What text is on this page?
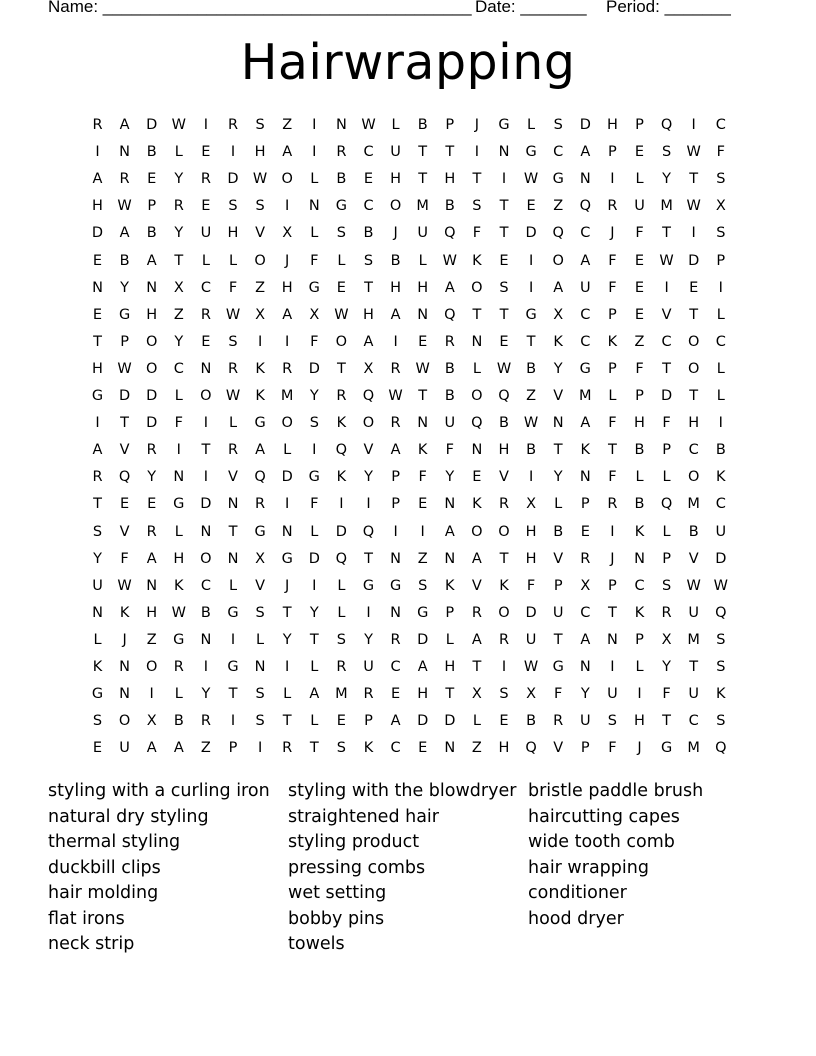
Name: _______________________________________ Date: _______ Period: _______
Hairwrapping
R	A	D W	I	R	S	Z	I	N	W	L	B	P	J	G	L	S	D	H	P	Q	I	C
I	N	B	L	E	I	H	A	I	R	C	U	T	T	I	N	G	C	A	P	E	S	W	F
A	R	E	Y	R	D W O	L	B	E	H	T	H	T	I	W G	N	I	L	Y	T	S
H W	P	R	E	S	S	I	N	G	C	O	M	B	S	T	E	Z	Q	R	U	M W	X
D	A	B	Y	U	H	V	X	L	S	B	J	U	Q	F	T	D	Q	C	J	F	T	I	S
E	B	A	T	L	L	O	J	F	L	S	B	L	W	K	E	I	O	A	F	E	W D	P
N	Y	N	X	C	F	Z	H	G	E	T	H	H	A	O	S	I	A	U	F	E	I	E	I
E	G	H	Z	R	W	X	A	X	W H	A	N	Q	T	T	G	X	C	P	E	V	T	L
T	P	O	Y	E	S	I	I	F	O	A	I	E	R	N	E	T	K	C	K	Z	C	O	C
H W O	C	N	R	K	R	D	T	X	R	W	B	L	W	B	Y	G	P	F	T	O	L
G	D	D	L	O W	K	M	Y	R	Q W	T	B	O	Q	Z	V	M	L	P	D	T	L
I	T	D	F	I	L	G	O	S	K	O	R	N	U	Q	B	W N	A	F	H	F	H	I
A	V	R	I	T	R	A	L	I	Q	V	A	K	F	N	H	B	T	K	T	B	P	C	B
R	Q	Y	N	I	V	Q	D	G	K	Y	P	F	Y	E	V	I	Y	N	F	L	L	O	K
T	E	E	G	D	N	R	I	F	I	I	P	E	N	K	R	X	L	P	R	B	Q	M	C
S	V	R	L	N	T	G	N	L	D	Q	I	I	A	O	O	H	B	E	I	K	L	B	U
Y	F	A	H	O	N	X	G	D	Q	T	N	Z	N	A	T	H	V	R	J	N	P	V	D
U	W N	K	C	L	V	J	I	L	G	G	S	K	V	K	F	P	X	P	C	S	W W
N	K	H W	B	G	S	T	Y	L	I	N	G	P	R	O	D	U	C	T	K	R	U	Q
L	J	Z	G	N	I	L	Y	T	S	Y	R	D	L	A	R	U	T	A	N	P	X	M	S
K	N	O	R	I	G	N	I	L	R	U	C	A	H	T	I	W G	N	I	L	Y	T	S
G	N	I	L	Y	T	S	L	A	M	R	E	H	T	X	S	X	F	Y	U	I	F	U	K
S	O	X	B	R	I	S	T	L	E	P	A	D	D	L	E	B	R	U	S	H	T	C	S
E	U	A	A	Z	P	I	R	T	S	K	C	E	N	Z	H	Q	V	P	F	J	G	M	Q
styling with a curling iron
natural dry styling
thermal styling
duckbill clips
hair molding
flat irons
neck strip
styling with the blowdryer
straightened hair
styling product
pressing combs
wet setting
bobby pins
towels
bristle paddle brush
haircutting capes
wide tooth comb
hair wrapping
conditioner
hood dryer
